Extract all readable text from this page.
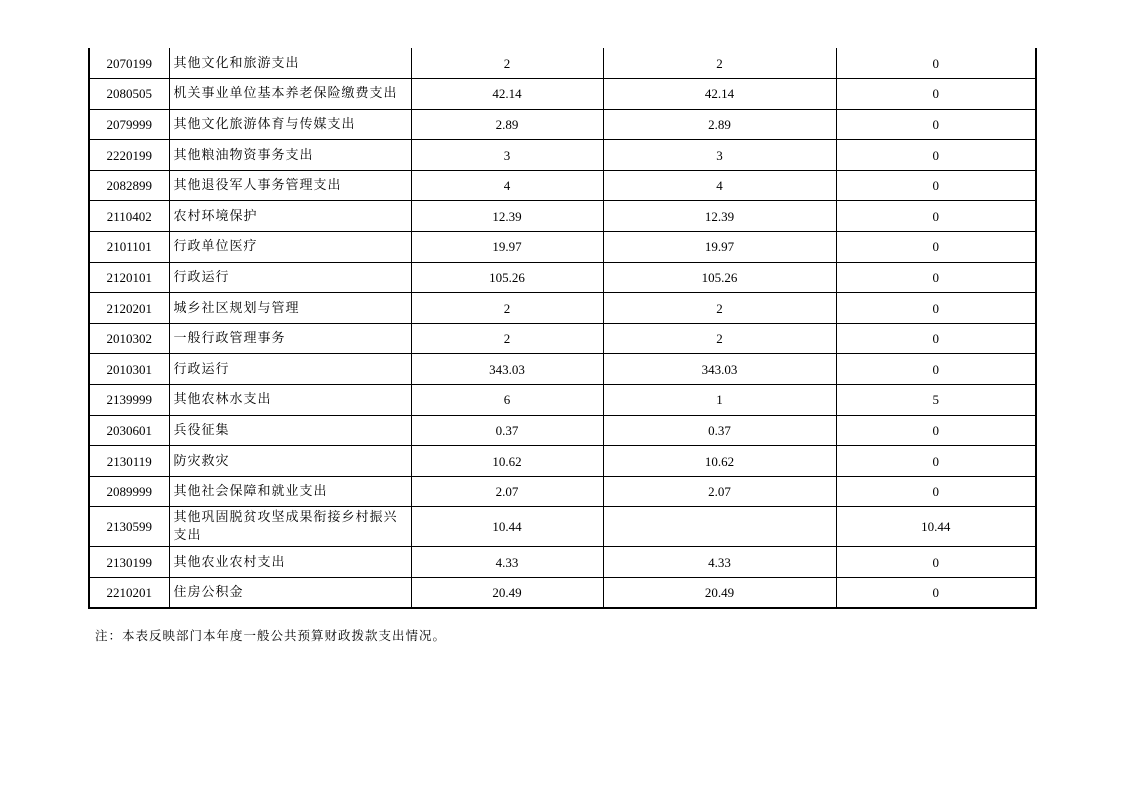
2070199	其他文化和旅游支出	2	2	0
2080505	机关事业单位基本养老保险缴费支出	42.14	42.14	0
2079999	其他文化旅游体育与传媒支出	2.89	2.89	0
2220199	其他粮油物资事务支出	3	3	0
2082899	其他退役军人事务管理支出	4	4	0
2110402	农村环境保护	12.39	12.39	0
2101101	行政单位医疗	19.97	19.97	0
2120101	行政运行	105.26	105.26	0
2120201	城乡社区规划与管理	2	2	0
2010302	一般行政管理事务	2	2	0
2010301	行政运行	343.03	343.03	0
2139999	其他农林水支出	6	1	5
2030601	兵役征集	0.37	0.37	0
2130119	防灾救灾	10.62	10.62	0
2089999	其他社会保障和就业支出	2.07	2.07	0
2130599	其他巩固脱贫攻坚成果衔接乡村振兴支出	10.44		10.44
2130199	其他农业农村支出	4.33	4.33	0
2210201	住房公积金	20.49	20.49	0
注：本表反映部门本年度一般公共预算财政拨款支出情况。
